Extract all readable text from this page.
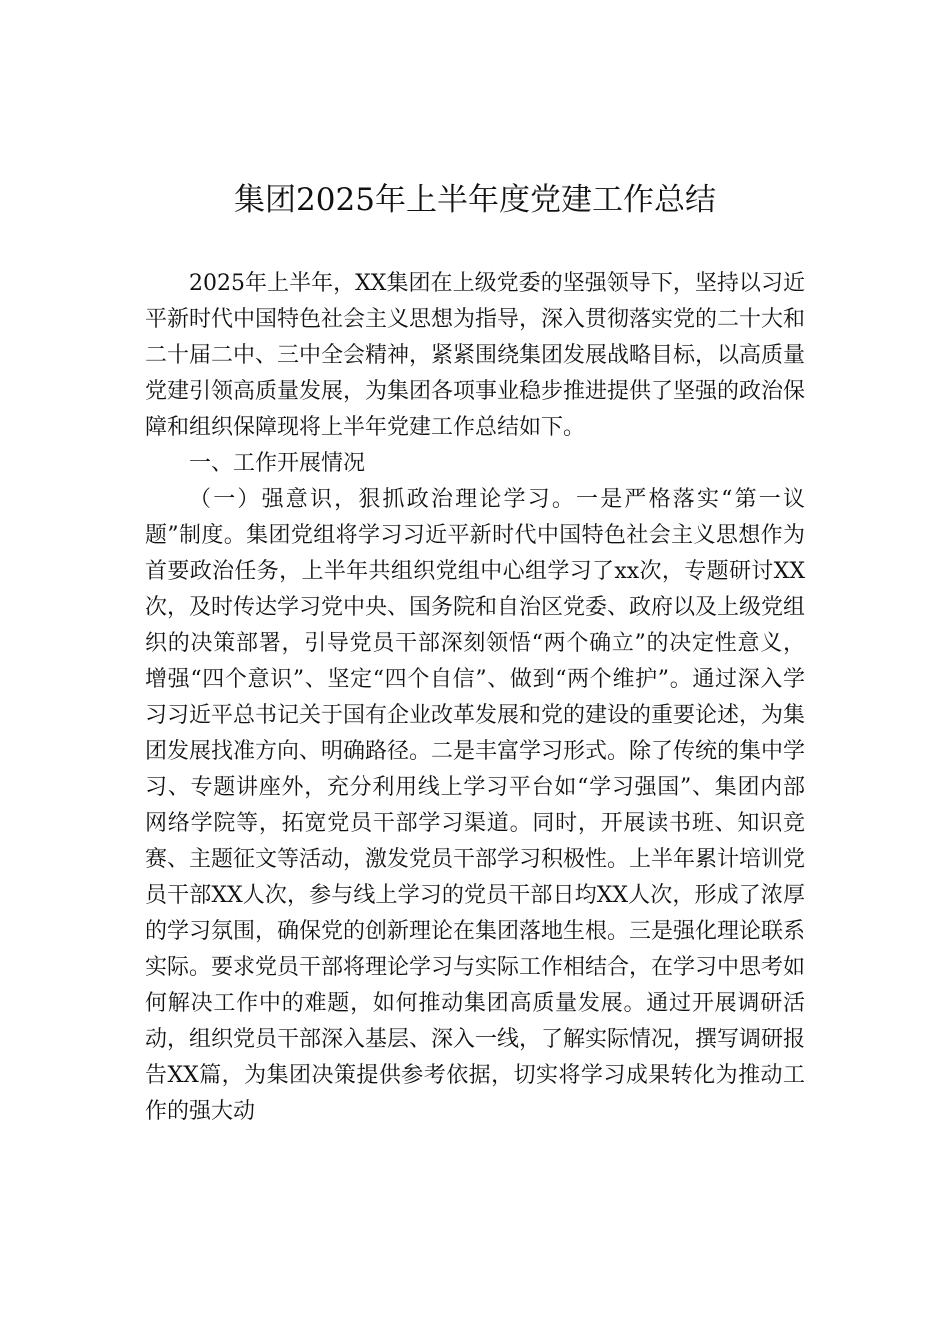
集团2025年上半年度党建工作总结

2025年上半年，XX集团在上级党委的坚强领导下，坚持以习近平新时代中国特色社会主义思想为指导，深入贯彻落实党的二十大和二十届二中、三中全会精神，紧紧围绕集团发展战略目标，以高质量党建引领高质量发展，为集团各项事业稳步推进提供了坚强的政治保障和组织保障现将上半年党建工作总结如下。

一、工作开展情况

（一）强意识，狠抓政治理论学习。一是严格落实“第一议题”制度。集团党组将学习习近平新时代中国特色社会主义思想作为首要政治任务，上半年共组织党组中心组学习了xx次，专题研讨XX次，及时传达学习党中央、国务院和自治区党委、政府以及上级党组织的决策部署，引导党员干部深刻领悟“两个确立”的决定性意义，增强“四个意识”、坚定“四个自信”、做到“两个维护”。通过深入学习习近平总书记关于国有企业改革发展和党的建设的重要论述，为集团发展找准方向、明确路径。二是丰富学习形式。除了传统的集中学习、专题讲座外，充分利用线上学习平台如“学习强国”、集团内部网络学院等，拓宽党员干部学习渠道。同时，开展读书班、知识竞赛、主题征文等活动，激发党员干部学习积极性。上半年累计培训党员干部XX人次，参与线上学习的党员干部日均XX人次，形成了浓厚的学习氛围，确保党的创新理论在集团落地生根。三是强化理论联系实际。要求党员干部将理论学习与实际工作相结合，在学习中思考如何解决工作中的难题，如何推动集团高质量发展。通过开展调研活动，组织党员干部深入基层、深入一线，了解实际情况，撰写调研报告XX篇，为集团决策提供参考依据，切实将学习成果转化为推动工作的强大动
